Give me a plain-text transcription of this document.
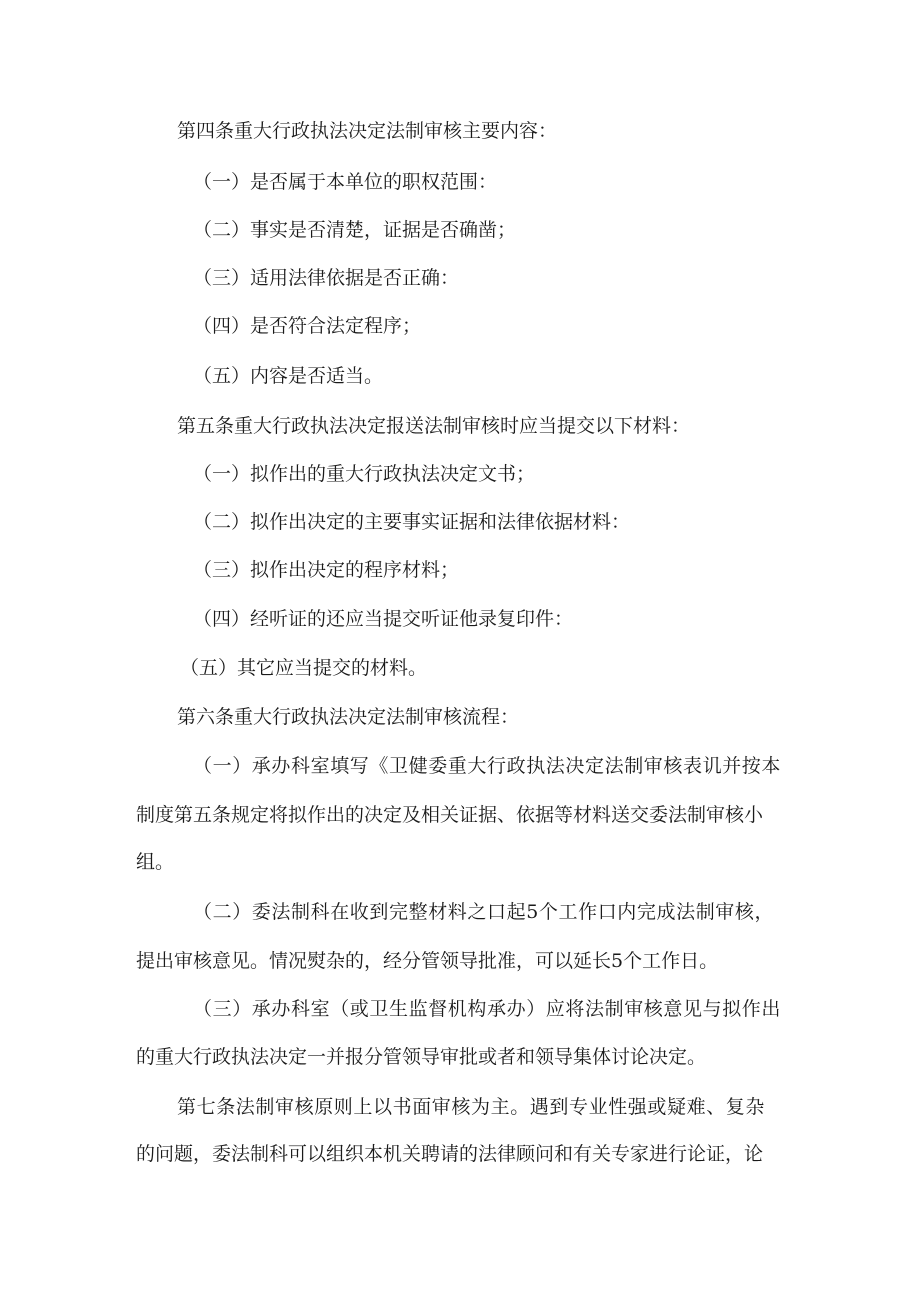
第四条重大行政执法决定法制审核主要内容：
（一）是否属于本单位的职权范围：
（二）事实是否清楚，证据是否确凿；
（三）适用法律依据是否正确：
（四）是否符合法定程序；
（五）内容是否适当。
第五条重大行政执法决定报送法制审核时应当提交以下材料：
（一）拟作出的重大行政执法决定文书；
（二）拟作出决定的主要事实证据和法律依据材料：
（三）拟作出决定的程序材料；
（四）经听证的还应当提交听证他录复印件：
（五）其它应当提交的材料。
第六条重大行政执法决定法制审核流程：
（一）承办科室填写《卫健委重大行政执法决定法制审核表讥并按本
制度第五条规定将拟作出的决定及相关证据、依据等材料送交委法制审核小
组。
（二）委法制科在收到完整材料之口起5个工作口内完成法制审核，
提出审核意见。情况熨杂的，经分管领导批准，可以延长5个工作日。
（三）承办科室（或卫生监督机构承办）应将法制审核意见与拟作出
的重大行政执法决定一并报分管领导审批或者和领导集体讨论决定。
第七条法制审核原则上以书面审核为主。遇到专业性强或疑难、复杂
的问题，委法制科可以组织本机关聘请的法律顾问和有关专家进行论证，论
